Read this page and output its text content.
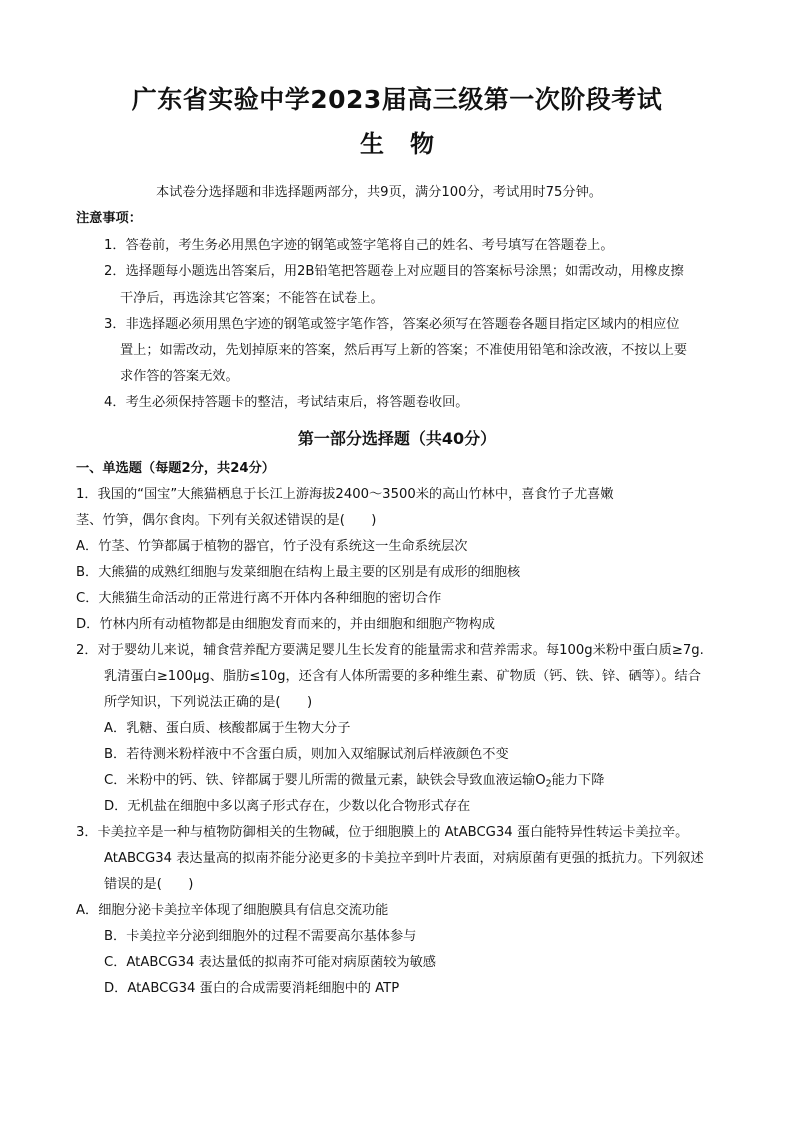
广东省实验中学2023届高三级第一次阶段考试
生物
本试卷分选择题和非选择题两部分，共9页，满分100分，考试用时75分钟。
注意事项：
1．答卷前，考生务必用黑色字迹的钢笔或签字笔将自己的姓名、考号填写在答题卷上。
2．选择题每小题选出答案后，用2B铅笔把答题卷上对应题目的答案标号涂黑；如需改动，用橡皮擦
干净后，再选涂其它答案；不能答在试卷上。
3．非选择题必须用黑色字迹的钢笔或签字笔作答，答案必须写在答题卷各题目指定区域内的相应位
置上；如需改动，先划掉原来的答案，然后再写上新的答案；不准使用铅笔和涂改液，不按以上要
求作答的答案无效。
4．考生必须保持答题卡的整洁，考试结束后，将答题卷收回。
第一部分选择题（共40分）
一、单选题（每题2分，共24分）
1．我国的“国宝”大熊猫栖息于长江上游海拔2400～3500米的高山竹林中，喜食竹子尤喜嫩
茎、竹笋，偶尔食肉。下列有关叙述错误的是(　　)
A．竹茎、竹笋都属于植物的器官，竹子没有系统这一生命系统层次
B．大熊猫的成熟红细胞与发菜细胞在结构上最主要的区别是有成形的细胞核
C．大熊猫生命活动的正常进行离不开体内各种细胞的密切合作
D．竹林内所有动植物都是由细胞发育而来的，并由细胞和细胞产物构成
2．对于婴幼儿来说，辅食营养配方要满足婴儿生长发育的能量需求和营养需求。每100g米粉中蛋白质≥7g.
乳清蛋白≥100μg、脂肪≤10g，还含有人体所需要的多种维生素、矿物质（钙、铁、锌、硒等）。结合
所学知识，下列说法正确的是(　　)
A．乳糖、蛋白质、核酸都属于生物大分子
B．若待测米粉样液中不含蛋白质，则加入双缩脲试剂后样液颜色不变
C．米粉中的钙、铁、锌都属于婴儿所需的微量元素，缺铁会导致血液运输$O_2$能力下降
D．无机盐在细胞中多以离子形式存在，少数以化合物形式存在
3．卡美拉辛是一种与植物防御相关的生物碱，位于细胞膜上的 AtABCG34 蛋白能特异性转运卡美拉辛。
AtABCG34 表达量高的拟南芥能分泌更多的卡美拉辛到叶片表面，对病原菌有更强的抵抗力。下列叙述
错误的是(　　)
A．细胞分泌卡美拉辛体现了细胞膜具有信息交流功能
B．卡美拉辛分泌到细胞外的过程不需要高尔基体参与
C．AtABCG34 表达量低的拟南芥可能对病原菌较为敏感
D．AtABCG34 蛋白的合成需要消耗细胞中的 ATP
